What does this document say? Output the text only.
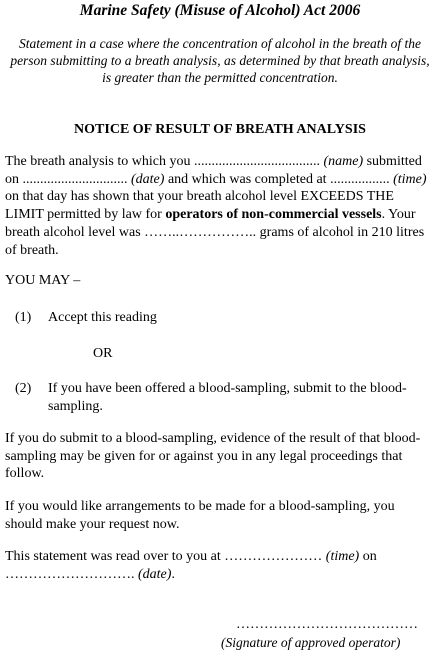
Marine Safety (Misuse of Alcohol) Act 2006
Statement in a case where the concentration of alcohol in the breath of the person submitting to a breath analysis, as determined by that breath analysis, is greater than the permitted concentration.
NOTICE OF RESULT OF BREATH ANALYSIS
The breath analysis to which you .................................... (name) submitted on .............................. (date) and which was completed at ................. (time) on that day has shown that your breath alcohol level EXCEEDS THE LIMIT permitted by law for operators of non-commercial vessels. Your breath alcohol level was ……..…………….. grams of alcohol in 210 litres of breath.
YOU MAY –
(1) Accept this reading
OR
(2) If you have been offered a blood-sampling, submit to the blood-sampling.
If you do submit to a blood-sampling, evidence of the result of that blood-sampling may be given for or against you in any legal proceedings that follow.
If you would like arrangements to be made for a blood-sampling, you should make your request now.
This statement was read over to you at ………………… (time) on ………………………. (date).
…………………………………
(Signature of approved operator)
